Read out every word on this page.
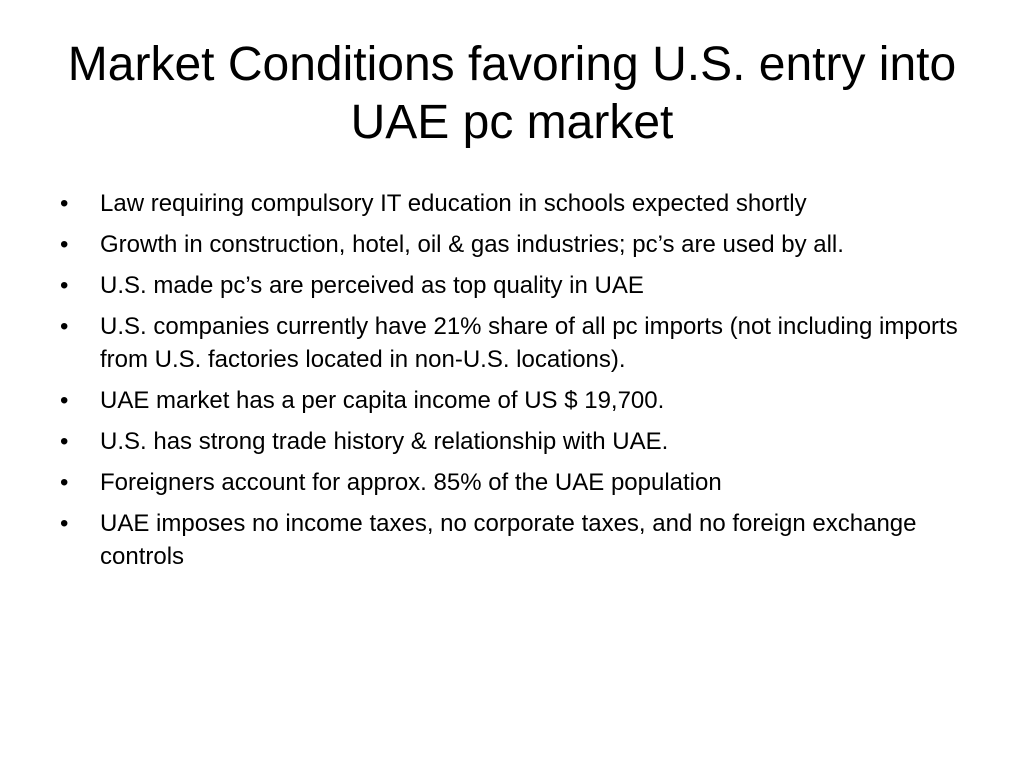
Market Conditions favoring U.S. entry into UAE pc market
•	Law requiring compulsory IT education in schools expected shortly
•	Growth in construction, hotel, oil & gas industries; pc’s are used by all.
•	U.S. made pc’s are perceived as top quality in UAE
•	U.S. companies currently have 21% share of all pc imports (not including imports from U.S. factories located in non-U.S. locations).
•	UAE market has a per capita income of US $ 19,700.
•	U.S. has strong trade history & relationship with UAE.
•	Foreigners account for approx. 85% of the UAE population
•	UAE imposes no income taxes, no corporate taxes, and no foreign exchange controls
